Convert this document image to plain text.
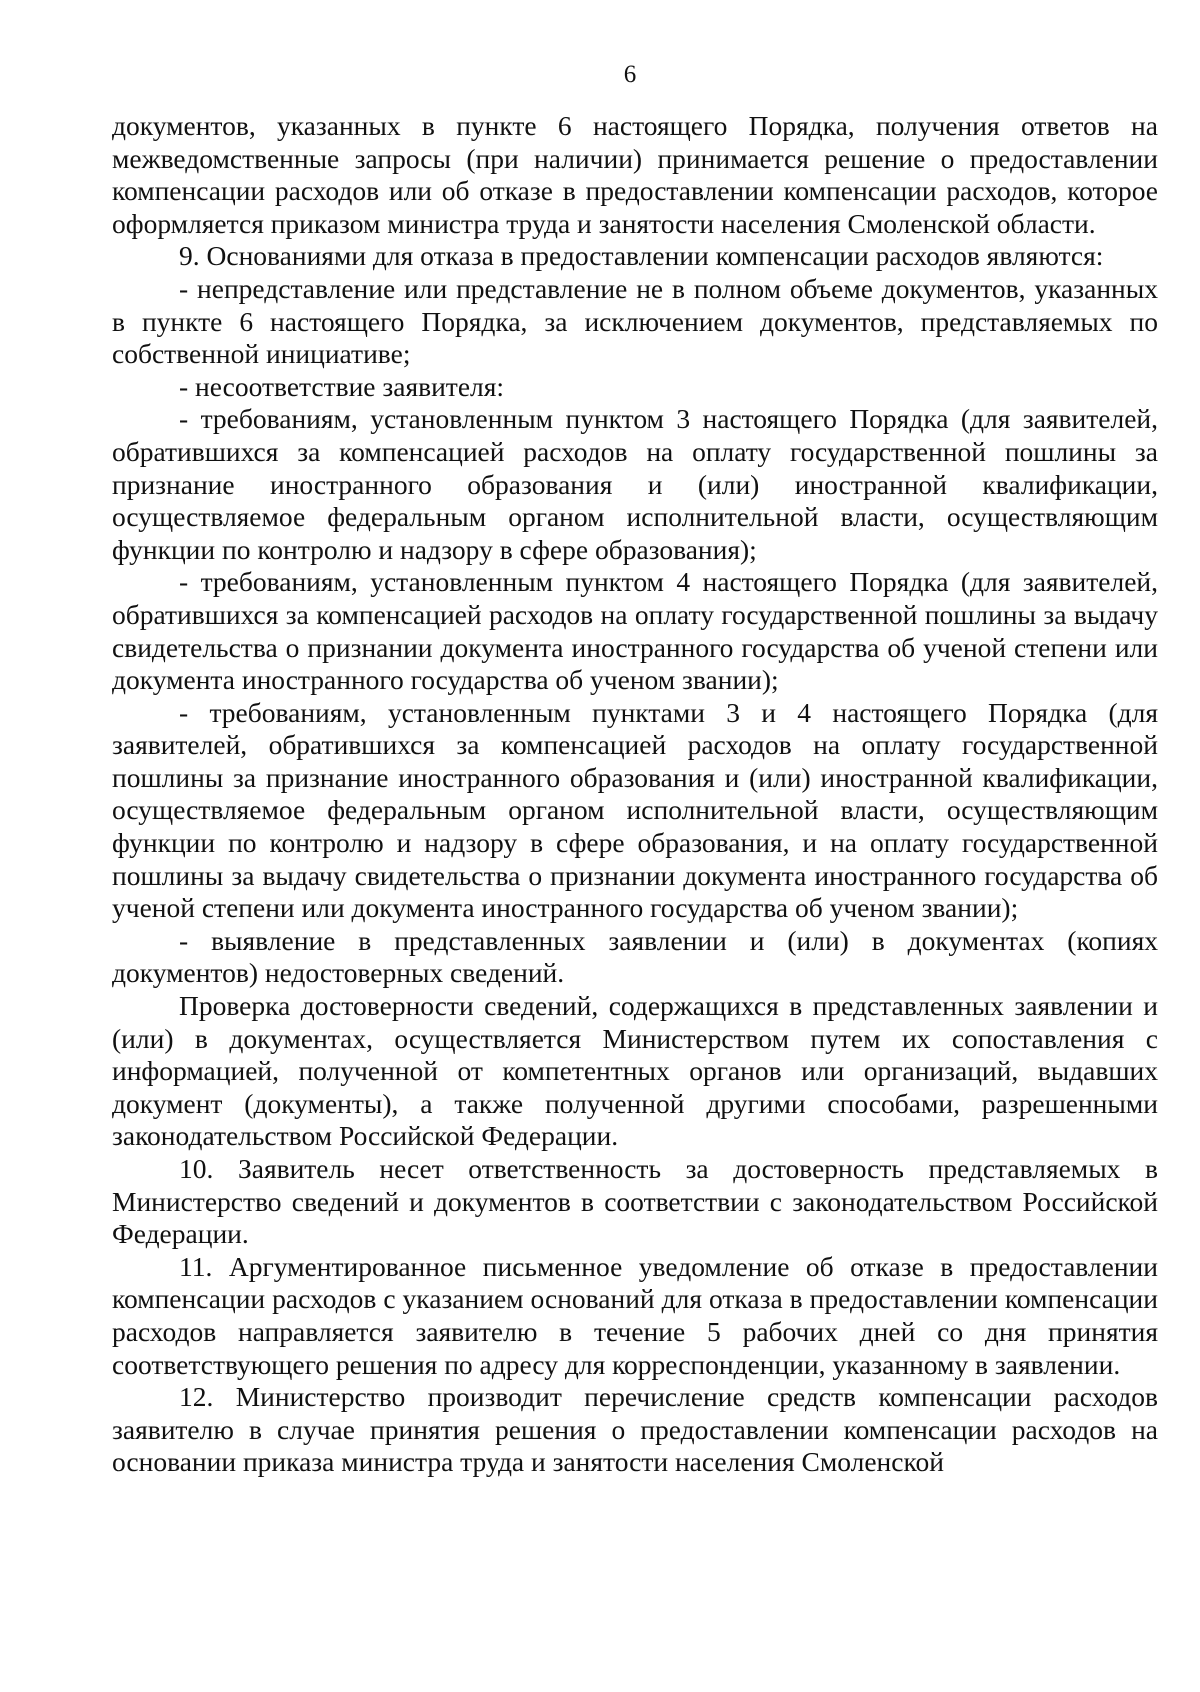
6

документов, указанных в пункте 6 настоящего Порядка, получения ответов на межведомственные запросы (при наличии) принимается решение о предоставлении компенсации расходов или об отказе в предоставлении компенсации расходов, которое оформляется приказом министра труда и занятости населения Смоленской области.

9. Основаниями для отказа в предоставлении компенсации расходов являются:

- непредставление или представление не в полном объеме документов, указанных в пункте 6 настоящего Порядка, за исключением документов, представляемых по собственной инициативе;

- несоответствие заявителя:

- требованиям, установленным пунктом 3 настоящего Порядка (для заявителей, обратившихся за компенсацией расходов на оплату государственной пошлины за признание иностранного образования и (или) иностранной квалификации, осуществляемое федеральным органом исполнительной власти, осуществляющим функции по контролю и надзору в сфере образования);

- требованиям, установленным пунктом 4 настоящего Порядка (для заявителей, обратившихся за компенсацией расходов на оплату государственной пошлины за выдачу свидетельства о признании документа иностранного государства об ученой степени или документа иностранного государства об ученом звании);

- требованиям, установленным пунктами 3 и 4 настоящего Порядка (для заявителей, обратившихся за компенсацией расходов на оплату государственной пошлины за признание иностранного образования и (или) иностранной квалификации, осуществляемое федеральным органом исполнительной власти, осуществляющим функции по контролю и надзору в сфере образования, и на оплату государственной пошлины за выдачу свидетельства о признании документа иностранного государства об ученой степени или документа иностранного государства об ученом звании);

- выявление в представленных заявлении и (или) в документах (копиях документов) недостоверных сведений.

Проверка достоверности сведений, содержащихся в представленных заявлении и (или) в документах, осуществляется Министерством путем их сопоставления с информацией, полученной от компетентных органов или организаций, выдавших документ (документы), а также полученной другими способами, разрешенными законодательством Российской Федерации.

10. Заявитель несет ответственность за достоверность представляемых в Министерство сведений и документов в соответствии с законодательством Российской Федерации.

11. Аргументированное письменное уведомление об отказе в предоставлении компенсации расходов с указанием оснований для отказа в предоставлении компенсации расходов направляется заявителю в течение 5 рабочих дней со дня принятия соответствующего решения по адресу для корреспонденции, указанному в заявлении.

12. Министерство производит перечисление средств компенсации расходов заявителю в случае принятия решения о предоставлении компенсации расходов на основании приказа министра труда и занятости населения Смоленской
